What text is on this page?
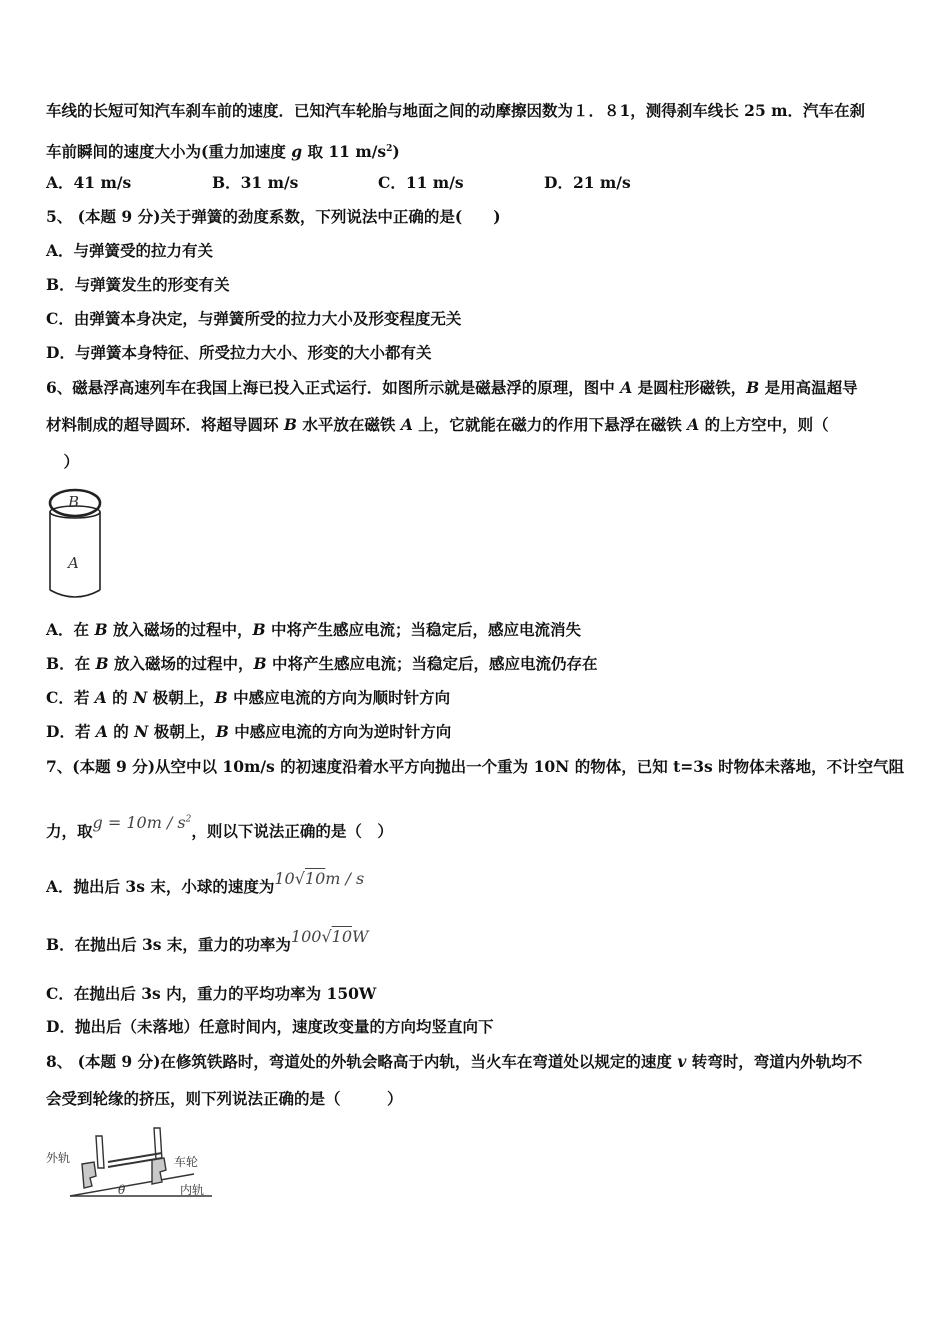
车线的长短可知汽车刹车前的速度．已知汽车轮胎与地面之间的动摩擦因数为１．８1，测得刹车线长 25 m．汽车在刹
车前瞬间的速度大小为(重力加速度 g 取 11 $m/s^2$)
A．41 m/s	B．31 m/s	C．11 m/s	D．21 m/s
5、 (本题 9 分)关于弹簧的劲度系数，下列说法中正确的是(　　)
A．与弹簧受的拉力有关
B．与弹簧发生的形变有关
C．由弹簧本身决定，与弹簧所受的拉力大小及形变程度无关
D．与弹簧本身特征、所受拉力大小、形变的大小都有关
6、磁悬浮高速列车在我国上海已投入正式运行．如图所示就是磁悬浮的原理，图中 A 是圆柱形磁铁，B 是用高温超导
材料制成的超导圆环．将超导圆环 B 水平放在磁铁 A 上，它就能在磁力的作用下悬浮在磁铁 A 的上方空中，则（
　）
B
A
A．在 B 放入磁场的过程中，B 中将产生感应电流；当稳定后，感应电流消失
B．在 B 放入磁场的过程中，B 中将产生感应电流；当稳定后，感应电流仍存在
C．若 A 的 N 极朝上，B 中感应电流的方向为顺时针方向
D．若 A 的 N 极朝上，B 中感应电流的方向为逆时针方向
7、(本题 9 分)从空中以 10m/s 的初速度沿着水平方向抛出一个重为 10N 的物体，已知 t=3s 时物体未落地，不计空气阻
力，取$g = 10m / s^2$，则以下说法正确的是（　）
A．抛出后 3s 末，小球的速度为10√10m / s
B．在抛出后 3s 末，重力的功率为100√10W
C．在抛出后 3s 内，重力的平均功率为 150W
D．抛出后（未落地）任意时间内，速度改变量的方向均竖直向下
8、 (本题 9 分)在修筑铁路时，弯道处的外轨会略高于内轨，当火车在弯道处以规定的速度 v 转弯时，弯道内外轨均不
会受到轮缘的挤压，则下列说法正确的是（　　　）
外轨	车轮
内轨
θ
